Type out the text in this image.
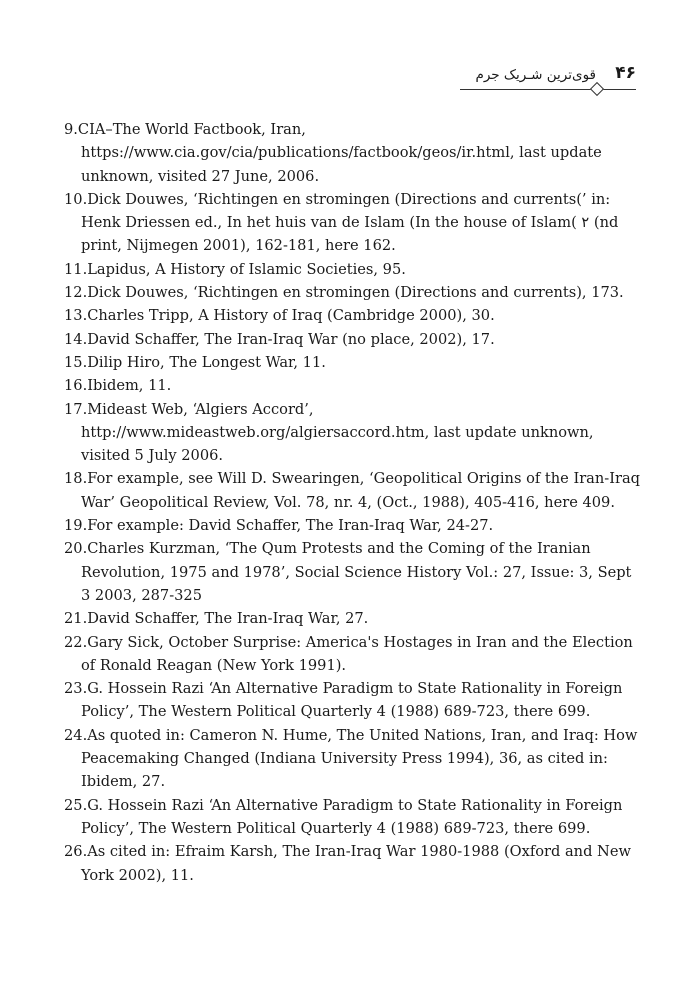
۴۶
قوی‌ترین شـریک جرم
9.CIA–The World Factbook, Iran, https://www.cia.gov/cia/publications/factbook/geos/ir.html, last update unknown, visited 27 June, 2006.
10.Dick Douwes, ‘Richtingen en stromingen (Directions and currents(’ in: Henk Driessen ed., In het huis van de Islam (In the house of Islam( ۲ (nd print, Nijmegen 2001), 162-181, here 162.
11.Lapidus, A History of Islamic Societies, 95.
12.Dick Douwes, ‘Richtingen en stromingen (Directions and currents), 173.
13.Charles Tripp, A History of Iraq (Cambridge 2000), 30.
14.David Schaffer, The Iran-Iraq War (no place, 2002), 17.
15.Dilip Hiro, The Longest War, 11.
16.Ibidem, 11.
17.Mideast Web, ‘Algiers Accord’, http://www.mideastweb.org/algiersaccord.htm, last update unknown, visited 5 July 2006.
18.For example, see Will D. Swearingen, ‘Geopolitical Origins of the Iran-Iraq War’ Geopolitical Review, Vol. 78, nr. 4, (Oct., 1988), 405-416, here 409.
19.For example: David Schaffer, The Iran-Iraq War, 24-27.
20.Charles Kurzman, ‘The Qum Protests and the Coming of the Iranian Revolution, 1975 and 1978’, Social Science History Vol.: 27, Issue: 3, Sept 3 2003, 287-325
21.David Schaffer, The Iran-Iraq War, 27.
22.Gary Sick, October Surprise: America's Hostages in Iran and the Election of Ronald Reagan (New York 1991).
23.G. Hossein Razi ‘An Alternative Paradigm to State Rationality in Foreign Policy’, The Western Political Quarterly 4 (1988) 689-723, there 699.
24.As quoted in: Cameron N. Hume, The United Nations, Iran, and Iraq: How Peacemaking Changed (Indiana University Press 1994), 36, as cited in: Ibidem, 27.
25.G. Hossein Razi ‘An Alternative Paradigm to State Rationality in Foreign Policy’, The Western Political Quarterly 4 (1988) 689-723, there 699.
26.As cited in: Efraim Karsh, The Iran-Iraq War 1980-1988 (Oxford and New York 2002), 11.
